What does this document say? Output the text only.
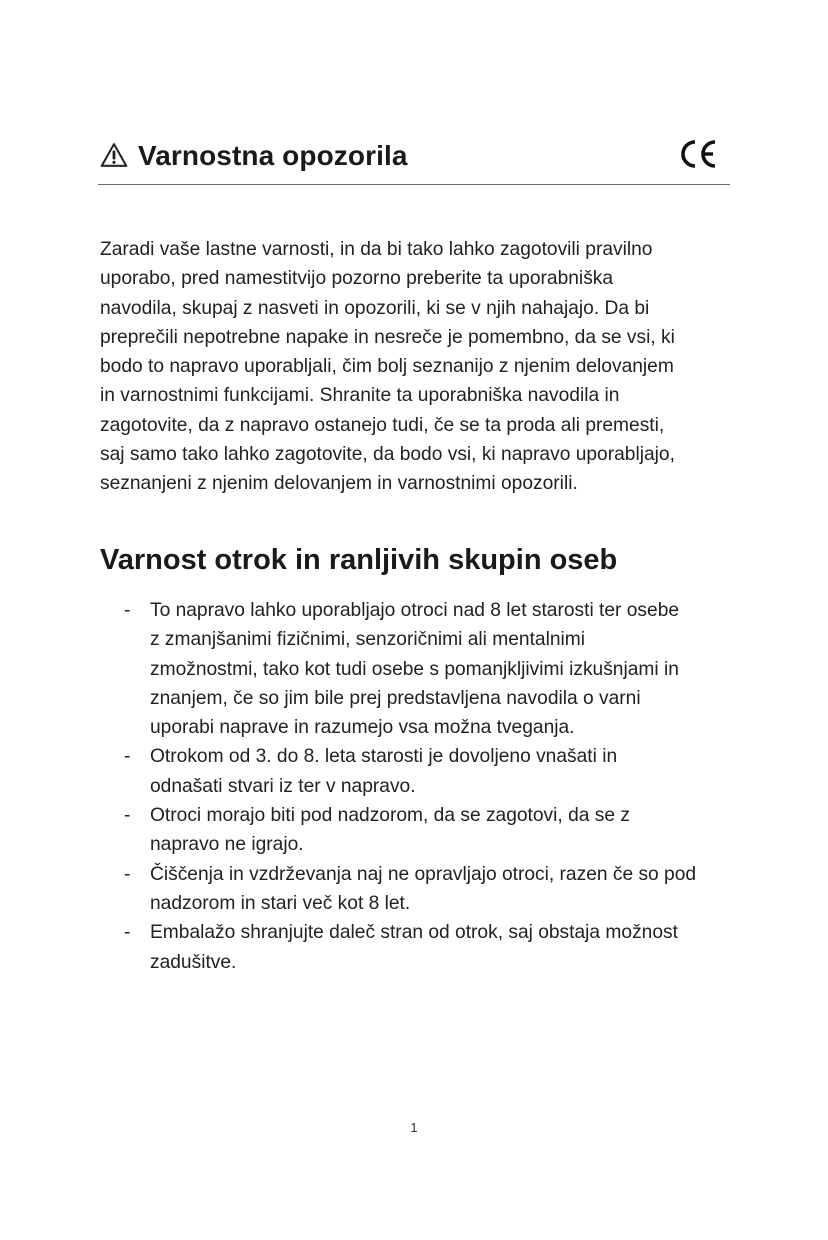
Varnostna opozorila
Zaradi vaše lastne varnosti, in da bi tako lahko zagotovili pravilno
uporabo, pred namestitvijo pozorno preberite ta uporabniška
navodila, skupaj z nasveti in opozorili, ki se v njih nahajajo. Da bi
preprečili nepotrebne napake in nesreče je pomembno, da se vsi, ki
bodo to napravo uporabljali, čim bolj seznanijo z njenim delovanjem
in varnostnimi funkcijami. Shranite ta uporabniška navodila in
zagotovite, da z napravo ostanejo tudi, če se ta proda ali premesti,
saj samo tako lahko zagotovite, da bodo vsi, ki napravo uporabljajo,
seznanjeni z njenim delovanjem in varnostnimi opozorili.
Varnost otrok in ranljivih skupin oseb
- To napravo lahko uporabljajo otroci nad 8 let starosti ter osebe
z zmanjšanimi fizičnimi, senzoričnimi ali mentalnimi
zmožnostmi, tako kot tudi osebe s pomanjkljivimi izkušnjami in
znanjem, če so jim bile prej predstavljena navodila o varni
uporabi naprave in razumejo vsa možna tveganja.
- Otrokom od 3. do 8. leta starosti je dovoljeno vnašati in
odnašati stvari iz ter v napravo.
- Otroci morajo biti pod nadzorom, da se zagotovi, da se z
napravo ne igrajo.
- Čiščenja in vzdrževanja naj ne opravljajo otroci, razen če so pod
nadzorom in stari več kot 8 let.
- Embalažo shranjujte daleč stran od otrok, saj obstaja možnost
zadušitve.
1
